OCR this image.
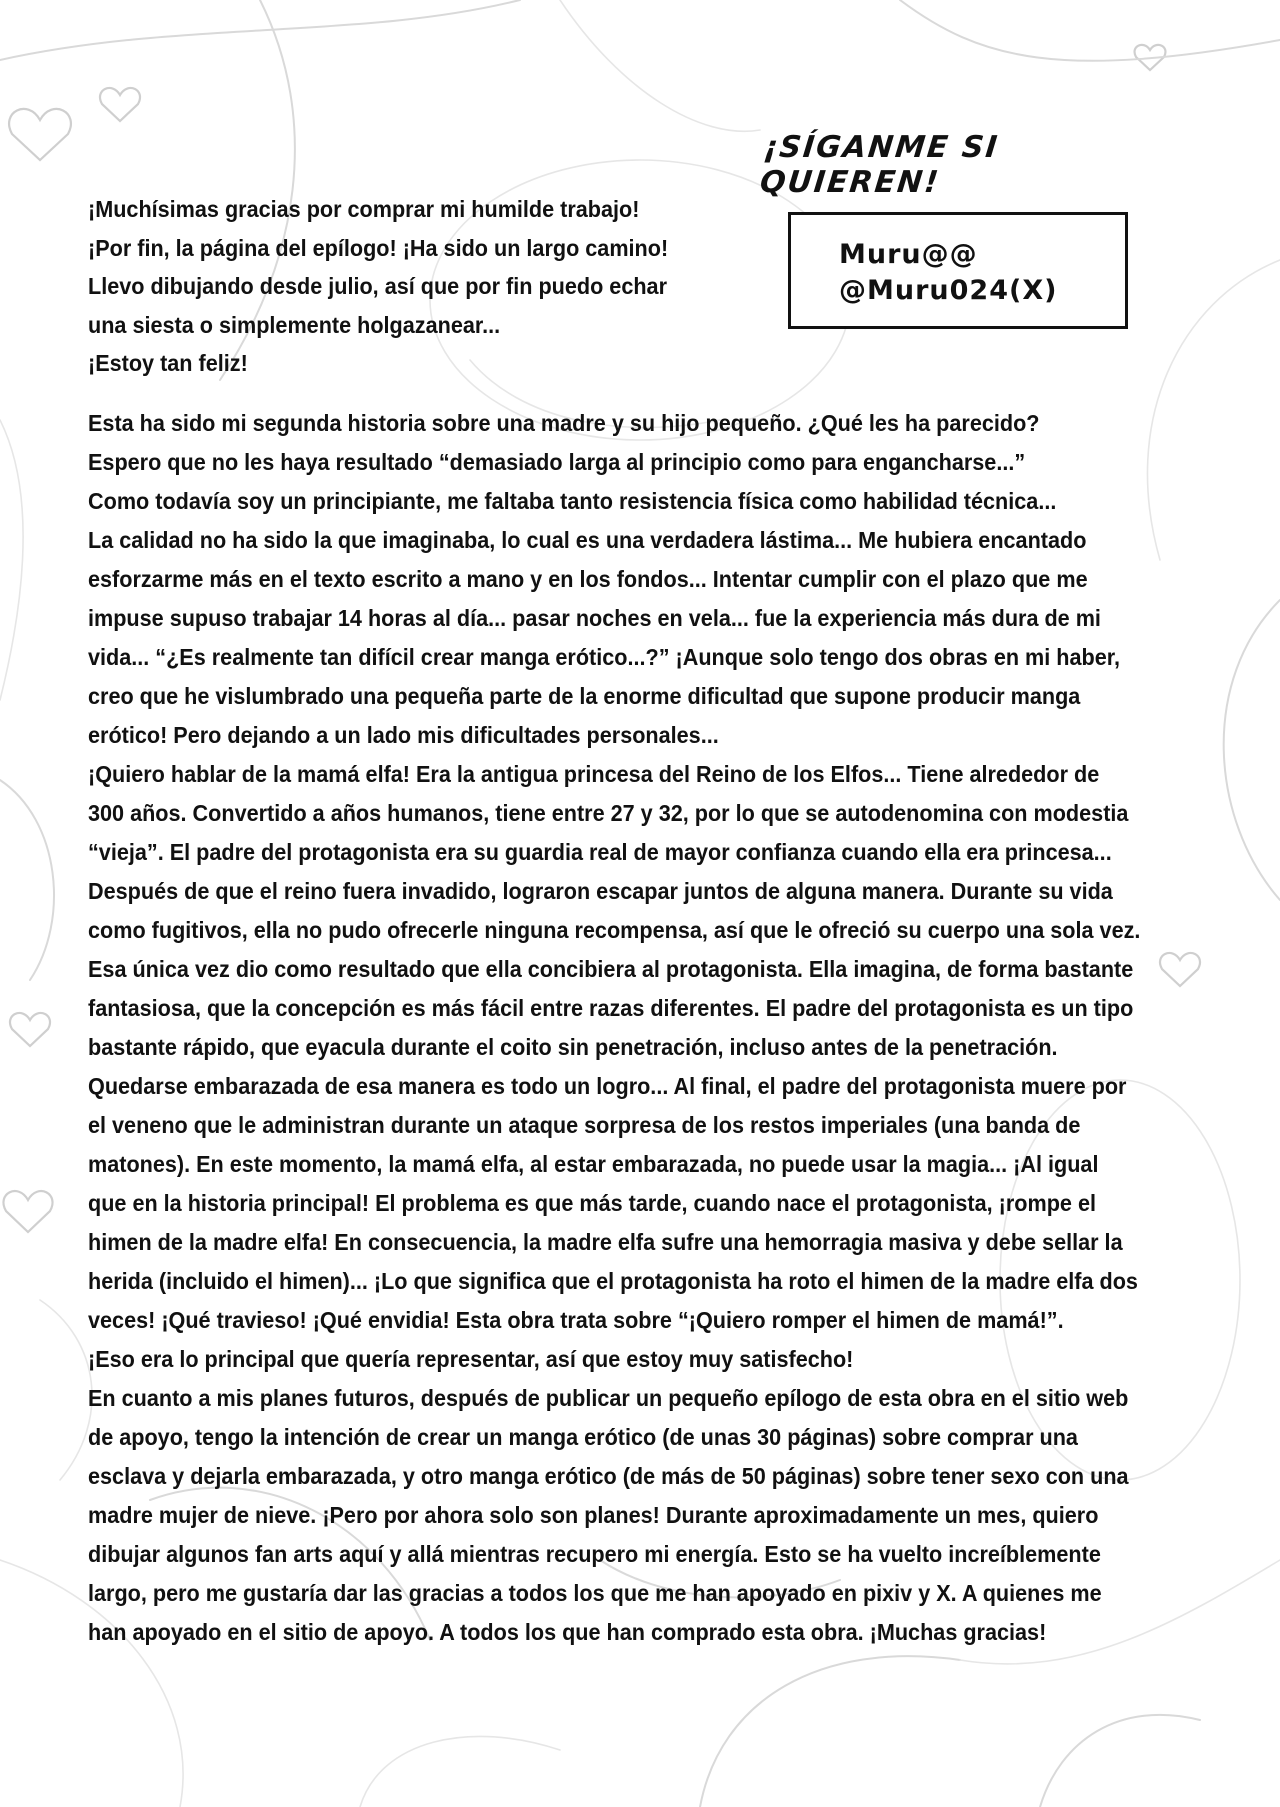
¡SÍGANME SI QUIEREN!
Muru@@
@Muru024(X)
¡Muchísimas gracias por comprar mi humilde trabajo!
¡Por fin, la página del epílogo! ¡Ha sido un largo camino!
Llevo dibujando desde julio, así que por fin puedo echar
una siesta o simplemente holgazanear...
¡Estoy tan feliz!
Esta ha sido mi segunda historia sobre una madre y su hijo pequeño. ¿Qué les ha parecido?
Espero que no les haya resultado “demasiado larga al principio como para engancharse...”
Como todavía soy un principiante, me faltaba tanto resistencia física como habilidad técnica...
La calidad no ha sido la que imaginaba, lo cual es una verdadera lástima... Me hubiera encantado
esforzarme más en el texto escrito a mano y en los fondos... Intentar cumplir con el plazo que me
impuse supuso trabajar 14 horas al día... pasar noches en vela... fue la experiencia más dura de mi
vida... “¿Es realmente tan difícil crear manga erótico...?” ¡Aunque solo tengo dos obras en mi haber,
creo que he vislumbrado una pequeña parte de la enorme dificultad que supone producir manga
erótico! Pero dejando a un lado mis dificultades personales...
¡Quiero hablar de la mamá elfa! Era la antigua princesa del Reino de los Elfos... Tiene alrededor de
300 años. Convertido a años humanos, tiene entre 27 y 32, por lo que se autodenomina con modestia
“vieja”. El padre del protagonista era su guardia real de mayor confianza cuando ella era princesa...
Después de que el reino fuera invadido, lograron escapar juntos de alguna manera. Durante su vida
como fugitivos, ella no pudo ofrecerle ninguna recompensa, así que le ofreció su cuerpo una sola vez.
Esa única vez dio como resultado que ella concibiera al protagonista. Ella imagina, de forma bastante
fantasiosa, que la concepción es más fácil entre razas diferentes. El padre del protagonista es un tipo
bastante rápido, que eyacula durante el coito sin penetración, incluso antes de la penetración.
Quedarse embarazada de esa manera es todo un logro... Al final, el padre del protagonista muere por
el veneno que le administran durante un ataque sorpresa de los restos imperiales (una banda de
matones). En este momento, la mamá elfa, al estar embarazada, no puede usar la magia... ¡Al igual
que en la historia principal! El problema es que más tarde, cuando nace el protagonista, ¡rompe el
himen de la madre elfa! En consecuencia, la madre elfa sufre una hemorragia masiva y debe sellar la
herida (incluido el himen)... ¡Lo que significa que el protagonista ha roto el himen de la madre elfa dos
veces! ¡Qué travieso! ¡Qué envidia! Esta obra trata sobre “¡Quiero romper el himen de mamá!”.
¡Eso era lo principal que quería representar, así que estoy muy satisfecho!
En cuanto a mis planes futuros, después de publicar un pequeño epílogo de esta obra en el sitio web
de apoyo, tengo la intención de crear un manga erótico (de unas 30 páginas) sobre comprar una
esclava y dejarla embarazada, y otro manga erótico (de más de 50 páginas) sobre tener sexo con una
madre mujer de nieve. ¡Pero por ahora solo son planes! Durante aproximadamente un mes, quiero
dibujar algunos fan arts aquí y allá mientras recupero mi energía. Esto se ha vuelto increíblemente
largo, pero me gustaría dar las gracias a todos los que me han apoyado en pixiv y X. A quienes me
han apoyado en el sitio de apoyo. A todos los que han comprado esta obra. ¡Muchas gracias!
